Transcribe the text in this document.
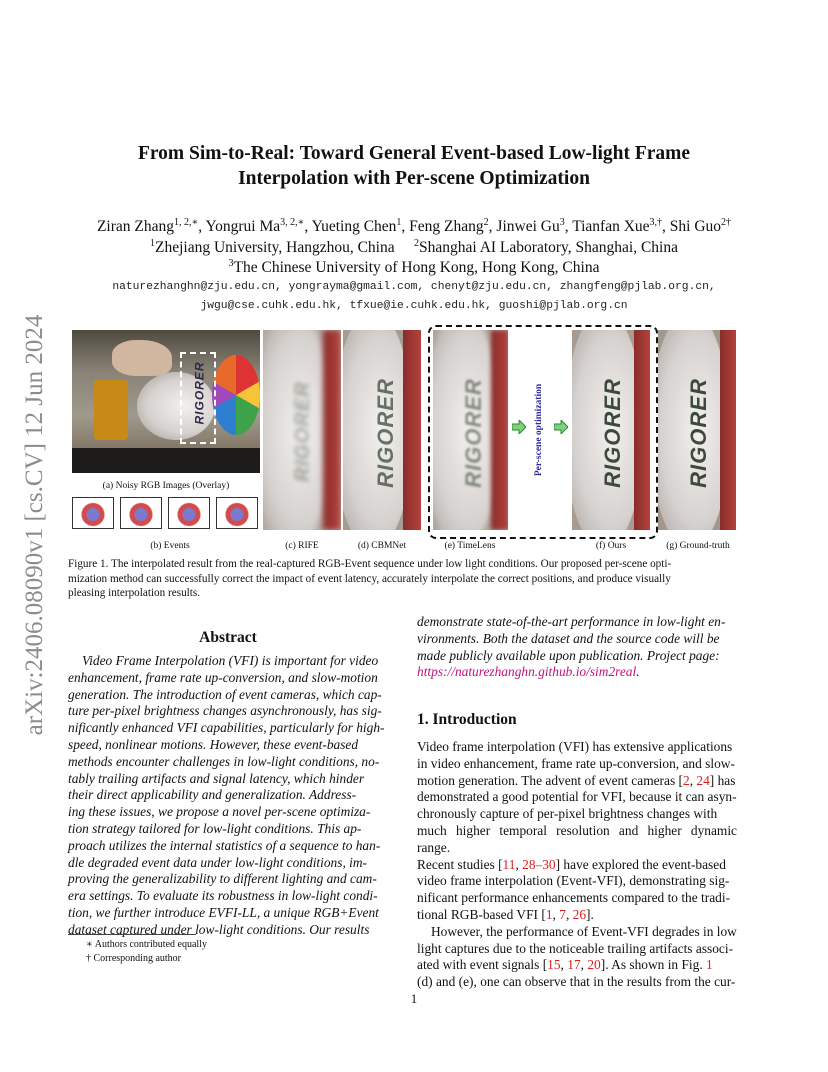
arXiv:2406.08090v1 [cs.CV] 12 Jun 2024
From Sim-to-Real: Toward General Event-based Low-light Frame
Interpolation with Per-scene Optimization
Ziran Zhang$^{1, 2,∗}$, Yongrui $Ma^{3, 2,∗}$, Yueting Chen$^1$, Feng Zhang$^2$, Jinwei Gu$^3$, Tianfan Xue$^{3,\dagger}$, Shi Guo$^{2\dagger}$
$^1$Zhejiang University, Hangzhou, China $^2$Shanghai AI Laboratory, Shanghai, China
$^3$The Chinese University of Hong Kong, Hong Kong, China
naturezhanghn@zju.edu.cn, yongrayma@gmail.com, chenyt@zju.edu.cn, zhangfeng@pjlab.org.cn,
jwgu@cse.cuhk.edu.hk, tfxue@ie.cuhk.edu.hk, guoshi@pjlab.org.cn
RIGORER
(a) Noisy RGB Images (Overlay)
RIGORER	RIGORER	RIGORER	Per-scene optimization	RIGORER	RIGORER
(b) Events	(c) RIFE	(d) CBMNet	(e) TimeLens	(f) Ours	(g) Ground-truth
Figure 1. The interpolated result from the real-captured RGB-Event sequence under low light conditions. Our proposed per-scene opti-
mization method can successfully correct the impact of event latency, accurately interpolate the correct positions, and produce visually
pleasing interpolation results.
Abstract
Video Frame Interpolation (VFI) is important for video
enhancement, frame rate up-conversion, and slow-motion
generation. The introduction of event cameras, which cap-
ture per-pixel brightness changes asynchronously, has sig-
nificantly enhanced VFI capabilities, particularly for high-
speed, nonlinear motions. However, these event-based
methods encounter challenges in low-light conditions, no-
tably trailing artifacts and signal latency, which hinder
their direct applicability and generalization. Address-
ing these issues, we propose a novel per-scene optimiza-
tion strategy tailored for low-light conditions. This ap-
proach utilizes the internal statistics of a sequence to han-
dle degraded event data under low-light conditions, im-
proving the generalizability to different lighting and cam-
era settings. To evaluate its robustness in low-light condi-
tion, we further introduce EVFI-LL, a unique RGB+Event
dataset captured under low-light conditions. Our results
∗ Authors contributed equally
† Corresponding author
demonstrate state-of-the-art performance in low-light en-
vironments. Both the dataset and the source code will be
made publicly available upon publication. Project page:
https://naturezhanghn.github.io/sim2real.
1. Introduction
Video frame interpolation (VFI) has extensive applications
in video enhancement, frame rate up-conversion, and slow-
motion generation. The advent of event cameras [2, 24] has
demonstrated a good potential for VFI, because it can asyn-
chronously capture of per-pixel brightness changes with
much higher temporal resolution and higher dynamic range.
Recent studies [11, 28–30] have explored the event-based
video frame interpolation (Event-VFI), demonstrating sig-
nificant performance enhancements compared to the tradi-
tional RGB-based VFI [1, 7, 26].
However, the performance of Event-VFI degrades in low
light captures due to the noticeable trailing artifacts associ-
ated with event signals [15, 17, 20]. As shown in Fig. 1
(d) and (e), one can observe that in the results from the cur-
1
